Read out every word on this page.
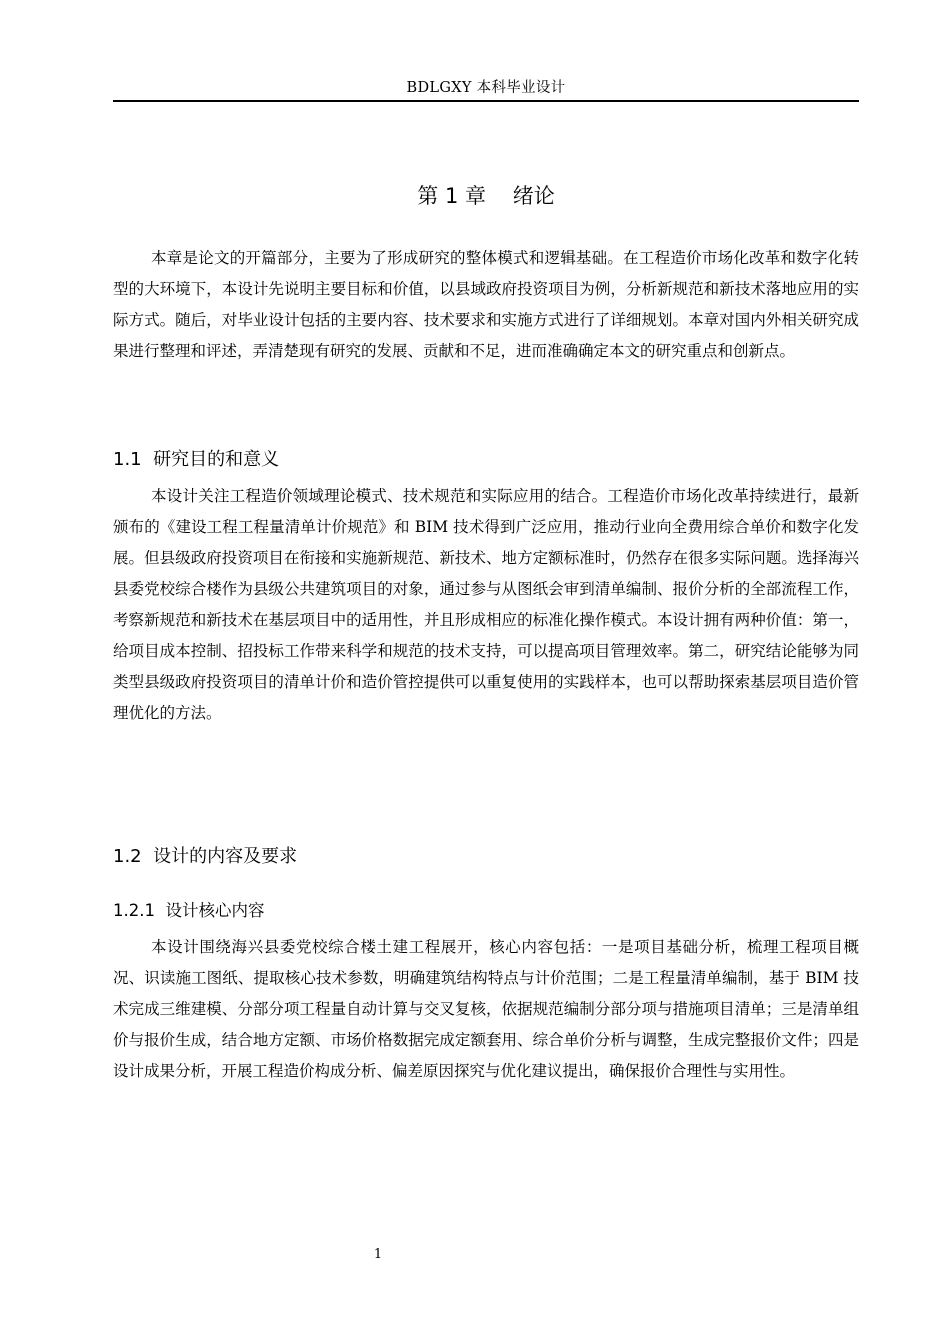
BDLGXY 本科毕业设计
第 1 章    绪论

本章是论文的开篇部分，主要为了形成研究的整体模式和逻辑基础。在工程造价市场化改革和数字化转型的大环境下，本设计先说明主要目标和价值，以县域政府投资项目为例，分析新规范和新技术落地应用的实际方式。随后，对毕业设计包括的主要内容、技术要求和实施方式进行了详细规划。本章对国内外相关研究成果进行整理和评述，弄清楚现有研究的发展、贡献和不足，进而准确确定本文的研究重点和创新点。

1.1  研究目的和意义

本设计关注工程造价领域理论模式、技术规范和实际应用的结合。工程造价市场化改革持续进行，最新颁布的《建设工程工程量清单计价规范》和 BIM 技术得到广泛应用，推动行业向全费用综合单价和数字化发展。但县级政府投资项目在衔接和实施新规范、新技术、地方定额标准时，仍然存在很多实际问题。选择海兴县委党校综合楼作为县级公共建筑项目的对象，通过参与从图纸会审到清单编制、报价分析的全部流程工作，考察新规范和新技术在基层项目中的适用性，并且形成相应的标准化操作模式。本设计拥有两种价值：第一，给项目成本控制、招投标工作带来科学和规范的技术支持，可以提高项目管理效率。第二，研究结论能够为同类型县级政府投资项目的清单计价和造价管控提供可以重复使用的实践样本，也可以帮助探索基层项目造价管理优化的方法。

1.2  设计的内容及要求
1.2.1  设计核心内容

本设计围绕海兴县委党校综合楼土建工程展开，核心内容包括：一是项目基础分析，梳理工程项目概况、识读施工图纸、提取核心技术参数，明确建筑结构特点与计价范围；二是工程量清单编制，基于 BIM 技术完成三维建模、分部分项工程量自动计算与交叉复核，依据规范编制分部分项与措施项目清单；三是清单组价与报价生成，结合地方定额、市场价格数据完成定额套用、综合单价分析与调整，生成完整报价文件；四是设计成果分析，开展工程造价构成分析、偏差原因探究与优化建议提出，确保报价合理性与实用性。

1
